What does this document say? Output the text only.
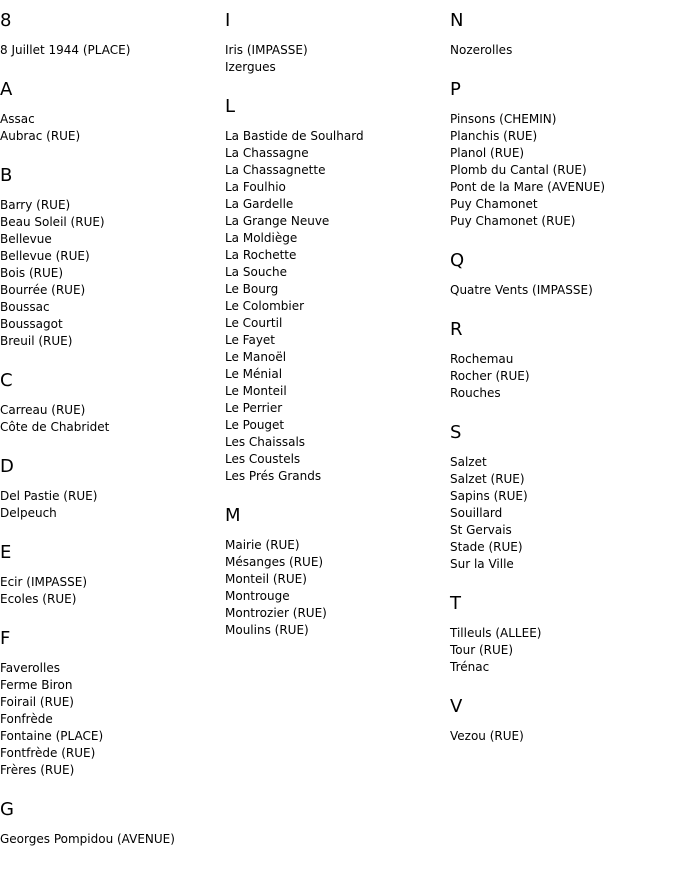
8
8 Juillet 1944 (PLACE)
A
Assac
Aubrac (RUE)
B
Barry (RUE)
Beau Soleil (RUE)
Bellevue
Bellevue (RUE)
Bois (RUE)
Bourrée (RUE)
Boussac
Boussagot
Breuil (RUE)
C
Carreau (RUE)
Côte de Chabridet
D
Del Pastie (RUE)
Delpeuch
E
Ecir (IMPASSE)
Ecoles (RUE)
F
Faverolles
Ferme Biron
Foirail (RUE)
Fonfrède
Fontaine (PLACE)
Fontfrède (RUE)
Frères (RUE)
G
Georges Pompidou (AVENUE)
I
Iris (IMPASSE)
Izergues
L
La Bastide de Soulhard
La Chassagne
La Chassagnette
La Foulhio
La Gardelle
La Grange Neuve
La Moldiège
La Rochette
La Souche
Le Bourg
Le Colombier
Le Courtil
Le Fayet
Le Manoël
Le Ménial
Le Monteil
Le Perrier
Le Pouget
Les Chaissals
Les Coustels
Les Prés Grands
M
Mairie (RUE)
Mésanges (RUE)
Monteil (RUE)
Montrouge
Montrozier (RUE)
Moulins (RUE)
N
Nozerolles
P
Pinsons (CHEMIN)
Planchis (RUE)
Planol (RUE)
Plomb du Cantal (RUE)
Pont de la Mare (AVENUE)
Puy Chamonet
Puy Chamonet (RUE)
Q
Quatre Vents (IMPASSE)
R
Rochemau
Rocher (RUE)
Rouches
S
Salzet
Salzet (RUE)
Sapins (RUE)
Souillard
St Gervais
Stade (RUE)
Sur la Ville
T
Tilleuls (ALLEE)
Tour (RUE)
Trénac
V
Vezou (RUE)
